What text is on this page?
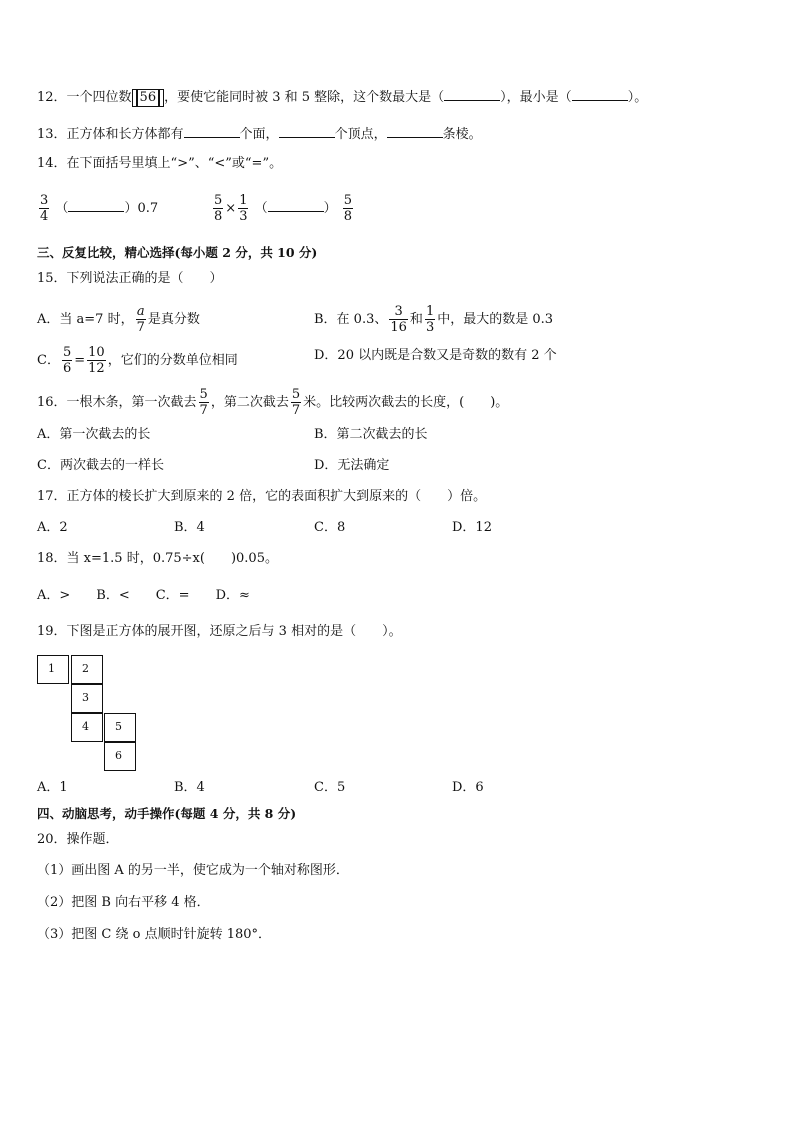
12．一个四位数 56 ，要使它能同时被 3 和 5 整除，这个数最大是（	），最小是（	）。
13．正方体和长方体都有	个面，	个顶点，	条棱。
14．在下面括号里填上“>”、“<”或“=”。
$\frac{3}{4}$ （	）0.7	$\frac{5}{8} \times \frac{1}{3}$ （	） $\frac{5}{8}$
三、反复比较，精心选择(每小题 2 分，共 10 分)
15．下列说法正确的是（　　）
A．当 a=7 时， $\frac{a}{7}$ 是真分数	B．在 0.3、 $\frac{3}{16}$ 和 $\frac{1}{3}$ 中，最大的数是 0.3
C． $\frac{5}{6} = \frac{10}{12}$ ，它们的分数单位相同	D．20 以内既是合数又是奇数的数有 2 个
16．一根木条，第一次截去 $\frac{5}{7}$ ，第二次截去 $\frac{5}{7}$ 米。比较两次截去的长度，(　　)。
A．第一次截去的长	B．第二次截去的长
C．两次截去的一样长	D．无法确定
17．正方体的棱长扩大到原来的 2 倍，它的表面积扩大到原来的（　　）倍。
A．2	B．4	C．8	D．12
18．当 x=1.5 时，0.75÷x(　　)0.05。
A．>　　B．<　　C．=　　D．≈
19．下图是正方体的展开图，还原之后与 3 相对的是（　　）。
1 2
3
4 5
6
A．1	B．4	C．5	D．6
四、动脑思考，动手操作(每题 4 分，共 8 分)
20．操作题．
（1）画出图 A 的另一半，使它成为一个轴对称图形．
（2）把图 B 向右平移 4 格．
（3）把图 C 绕 o 点顺时针旋转 180°．
